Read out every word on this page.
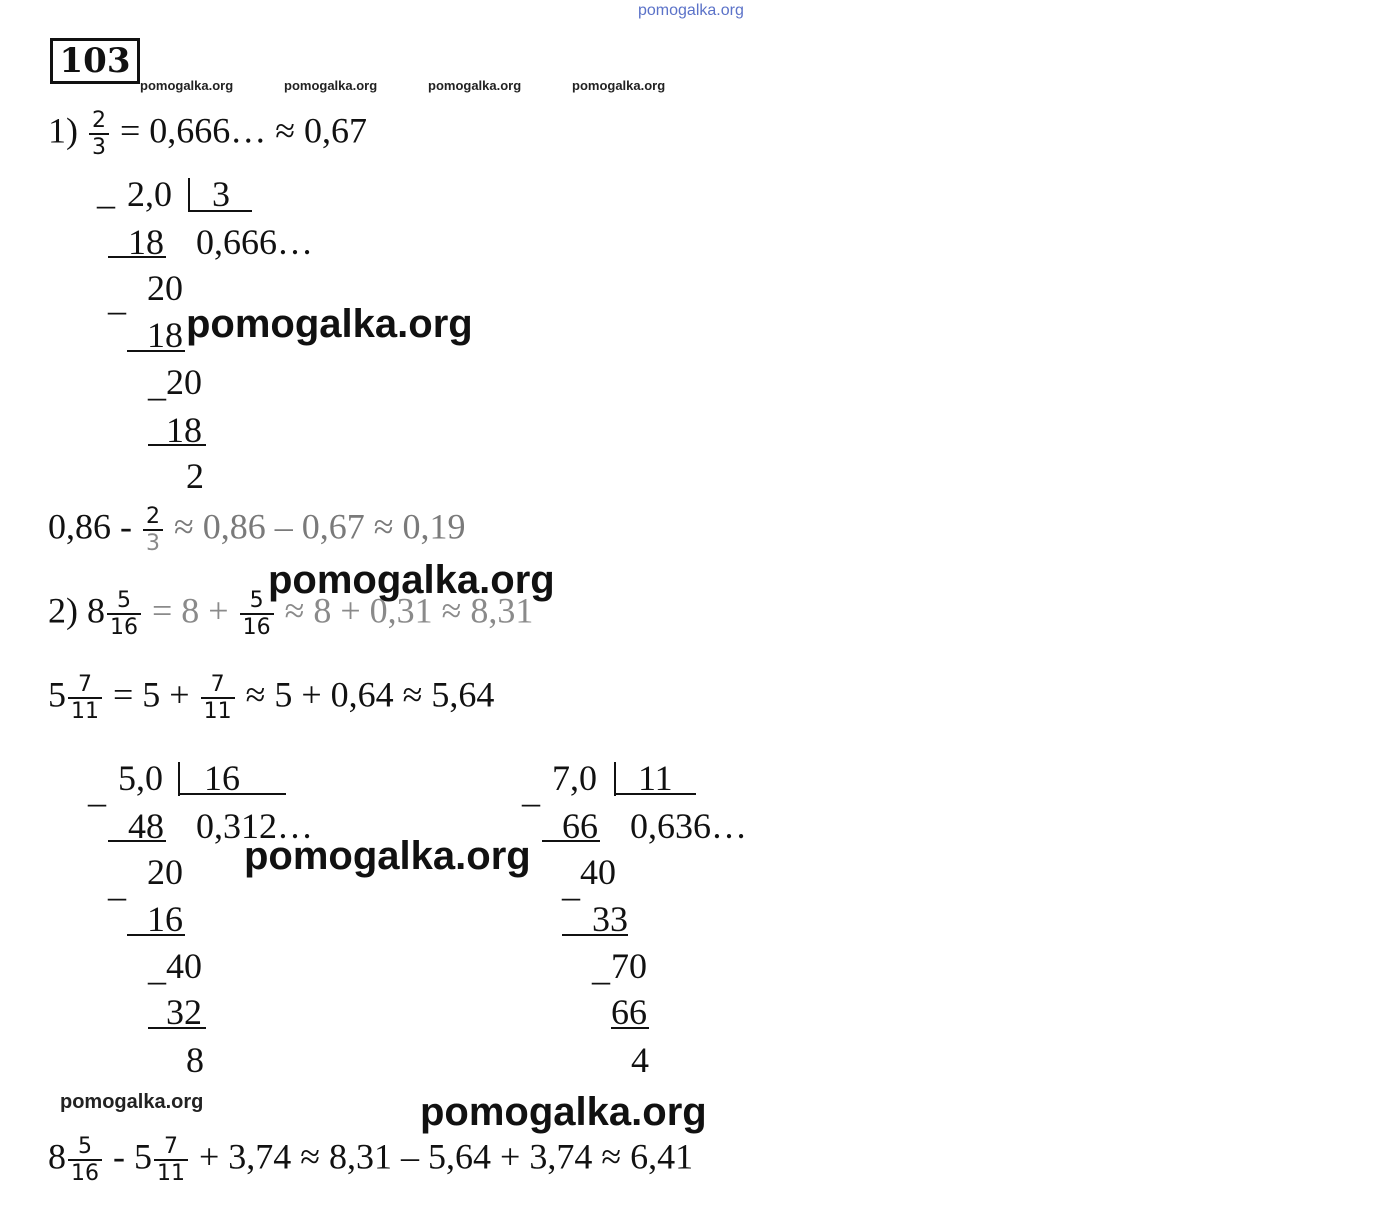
pomogalka.org
103
pomogalka.org	pomogalka.org	pomogalka.org	pomogalka.org
$1) \frac{2}{3}$ = 0,666… ≈ 0,67
_ 2,0 3
18 0,666…
_ 20
18
_ 20
18
2
pomogalka.org
$0,86 - \frac{2}{3} \approx 0,86 - 0,67 \approx 0,19$
pomogalka.org
2) $8 \frac{5}{16} = 8 + \frac{5}{16} \approx 8 + 0,31 \approx 8,31$
$5 \frac{7}{11} = 5 + \frac{7}{11} \approx 5 + 0,64 \approx 5,64$
_ 5,0 16
48 0,312…
_ 20
16
_ 40
32
8
_ 7,0 11
66 0,636…
_ 40
33
_ 70
66
4
pomogalka.org
pomogalka.org	pomogalka.org
$8 \frac{5}{16} - 5 \frac{7}{11} + 3,74 \approx 8,31 - 5,64 + 3,74 \approx 6,41$
